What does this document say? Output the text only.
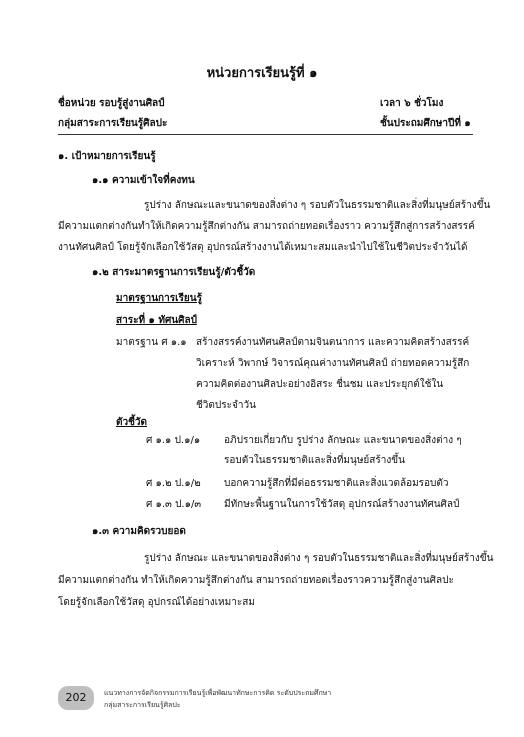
หน่วยการเรียนรู้ที่ ๑
ชื่อหน่วย รอบรู้สู่งานศิลป์	เวลา ๖ ชั่วโมง
กลุ่มสาระการเรียนรู้ศิลปะ	ชั้นประถมศึกษาปีที่ ๑
๑. เป้าหมายการเรียนรู้
๑.๑ ความเข้าใจที่คงทน
รูปร่าง ลักษณะและขนาดของสิ่งต่าง ๆ รอบตัวในธรรมชาติและสิ่งที่มนุษย์สร้างขึ้น
มีความแตกต่างกันทำให้เกิดความรู้สึกต่างกัน สามารถถ่ายทอดเรื่องราว ความรู้สึกสู่การสร้างสรรค์
งานทัศนศิลป์ โดยรู้จักเลือกใช้วัสดุ อุปกรณ์สร้างงานได้เหมาะสมและนำไปใช้ในชีวิตประจำวันได้
๑.๒ สาระมาตรฐานการเรียนรู้/ตัวชี้วัด
มาตรฐานการเรียนรู้
สาระที่ ๑ ทัศนศิลป์
มาตรฐาน ศ ๑.๑ สร้างสรรค์งานทัศนศิลป์ตามจินตนาการ และความคิดสร้างสรรค์
วิเคราะห์ วิพากษ์ วิจารณ์คุณค่างานทัศนศิลป์ ถ่ายทอดความรู้สึก
ความคิดต่องานศิลปะอย่างอิสระ ชื่นชม และประยุกต์ใช้ใน
ชีวิตประจำวัน
ตัวชี้วัด
ศ ๑.๑ ป.๑/๑ อภิปรายเกี่ยวกับ รูปร่าง ลักษณะ และขนาดของสิ่งต่าง ๆ
รอบตัวในธรรมชาติและสิ่งที่มนุษย์สร้างขึ้น
ศ ๑.๒ ป.๑/๒ บอกความรู้สึกที่มีต่อธรรมชาติและสิ่งแวดล้อมรอบตัว
ศ ๑.๓ ป.๑/๓ มีทักษะพื้นฐานในการใช้วัสดุ อุปกรณ์สร้างงานทัศนศิลป์
๑.๓ ความคิดรวบยอด
รูปร่าง ลักษณะ และขนาดของสิ่งต่าง ๆ รอบตัวในธรรมชาติและสิ่งที่มนุษย์สร้างขึ้น
มีความแตกต่างกัน ทำให้เกิดความรู้สึกต่างกัน สามารถถ่ายทอดเรื่องราวความรู้สึกสู่งานศิลปะ
โดยรู้จักเลือกใช้วัสดุ อุปกรณ์ได้อย่างเหมาะสม
202	แนวทางการจัดกิจกรรมการเรียนรู้เพื่อพัฒนาทักษะการคิด ระดับประถมศึกษา
กลุ่มสาระการเรียนรู้ศิลปะ
